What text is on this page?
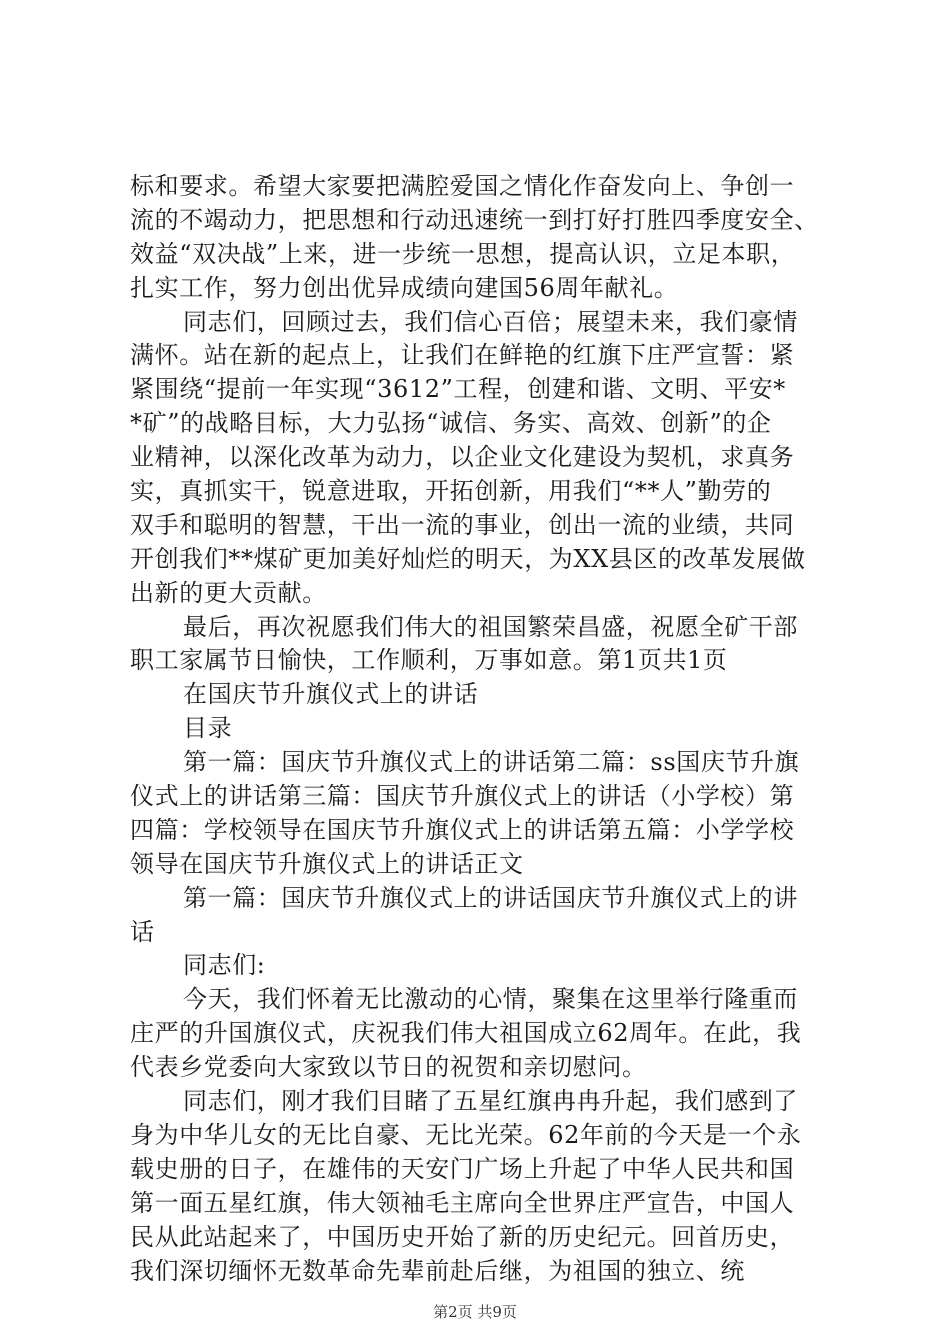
标和要求。希望大家要把满腔爱国之情化作奋发向上、争创一
流的不竭动力，把思想和行动迅速统一到打好打胜四季度安全、
效益“双决战”上来，进一步统一思想，提高认识，立足本职，
扎实工作，努力创出优异成绩向建国56周年献礼。
同志们，回顾过去，我们信心百倍；展望未来，我们豪情
满怀。站在新的起点上，让我们在鲜艳的红旗下庄严宣誓：紧
紧围绕“提前一年实现“3612”工程，创建和谐、文明、平安*
*矿”的战略目标，大力弘扬“诚信、务实、高效、创新”的企
业精神，以深化改革为动力，以企业文化建设为契机，求真务
实，真抓实干，锐意进取，开拓创新，用我们“**人”勤劳的
双手和聪明的智慧，干出一流的事业，创出一流的业绩，共同
开创我们**煤矿更加美好灿烂的明天，为XX县区的改革发展做
出新的更大贡献。
最后，再次祝愿我们伟大的祖国繁荣昌盛，祝愿全矿干部
职工家属节日愉快，工作顺利，万事如意。第1页共1页
在国庆节升旗仪式上的讲话
目录
第一篇：国庆节升旗仪式上的讲话第二篇：ss国庆节升旗
仪式上的讲话第三篇：国庆节升旗仪式上的讲话（小学校）第
四篇：学校领导在国庆节升旗仪式上的讲话第五篇：小学学校
领导在国庆节升旗仪式上的讲话正文
第一篇：国庆节升旗仪式上的讲话国庆节升旗仪式上的讲
话
同志们:
今天，我们怀着无比激动的心情，聚集在这里举行隆重而
庄严的升国旗仪式，庆祝我们伟大祖国成立62周年。在此，我
代表乡党委向大家致以节日的祝贺和亲切慰问。
同志们，刚才我们目睹了五星红旗冉冉升起，我们感到了
身为中华儿女的无比自豪、无比光荣。62年前的今天是一个永
载史册的日子，在雄伟的天安门广场上升起了中华人民共和国
第一面五星红旗，伟大领袖毛主席向全世界庄严宣告，中国人
民从此站起来了，中国历史开始了新的历史纪元。回首历史，
我们深切缅怀无数革命先辈前赴后继，为祖国的独立、统
第2页 共9页
